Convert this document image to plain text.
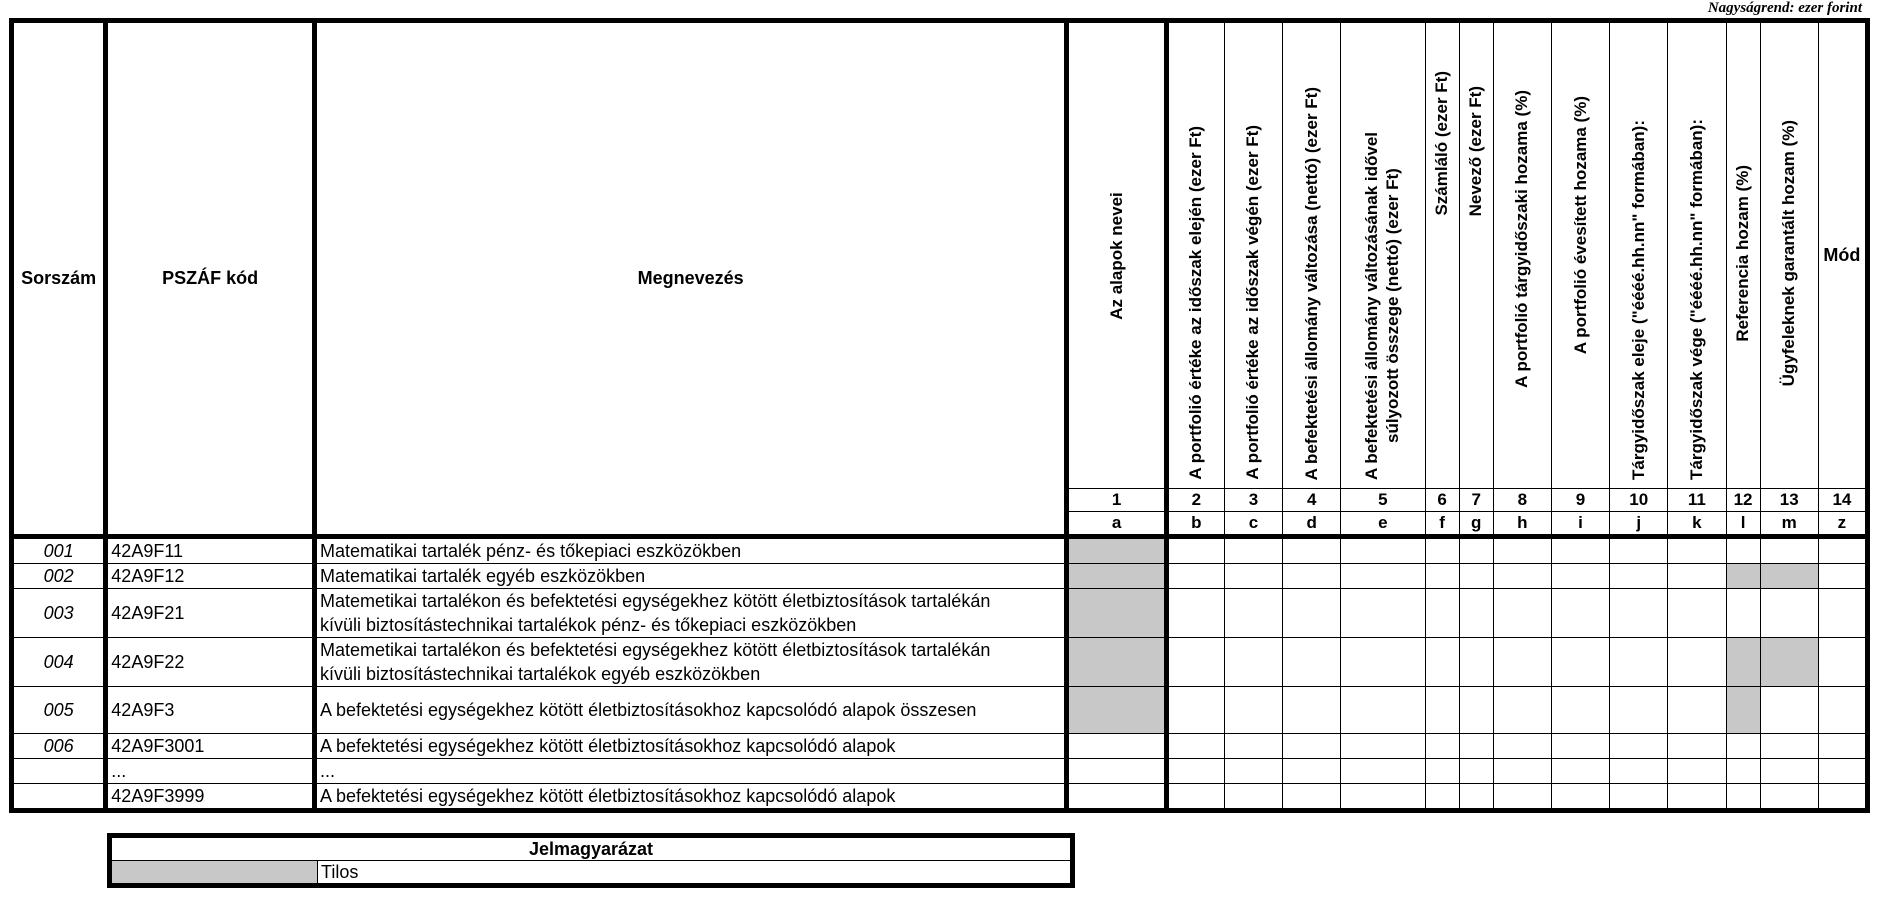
Nagyságrend: ezer forint
Sorszám	PSZÁF kód	Megnevezés	Az alapok nevei	A portfolió értéke az időszak elején (ezer Ft)	A portfolió értéke az időszak végén (ezer Ft)	A befektetési állomány változása (nettó) (ezer Ft)	A befektetési állomány változásának idővel súlyozott összege (nettó) (ezer Ft)	Számláló (ezer Ft)	Nevező (ezer Ft)	A portfolió tárgyidőszaki hozama (%)	A portfolió évesített hozama (%)	Tárgyidőszak eleje ("éééé.hh.nn" formában):	Tárgyidőszak vége ("éééé.hh.nn" formában):	Referencia hozam (%)	Ügyfeleknek garantált hozam (%)	Mód
			1	2	3	4	5	6	7	8	9	10	11	12	13	14
			a	b	c	d	e	f	g	h	i	j	k	l	m	z
001	42A9F11	Matematikai tartalék pénz- és tőkepiaci eszközökben														
002	42A9F12	Matematikai tartalék egyéb eszközökben														
003	42A9F21	Matemetikai tartalékon és befektetési egységekhez kötött életbiztosítások tartalékán
kívüli biztosítástechnikai tartalékok pénz- és tőkepiaci eszközökben														
004	42A9F22	Matemetikai tartalékon és befektetési egységekhez kötött életbiztosítások tartalékán
kívüli biztosítástechnikai tartalékok egyéb eszközökben														
005	42A9F3	A befektetési egységekhez kötött életbiztosításokhoz kapcsolódó alapok összesen														
006	42A9F3001	A befektetési egységekhez kötött életbiztosításokhoz kapcsolódó alapok														
	...	...														
	42A9F3999	A befektetési egységekhez kötött életbiztosításokhoz kapcsolódó alapok														
Jelmagyarázat
	Tilos
